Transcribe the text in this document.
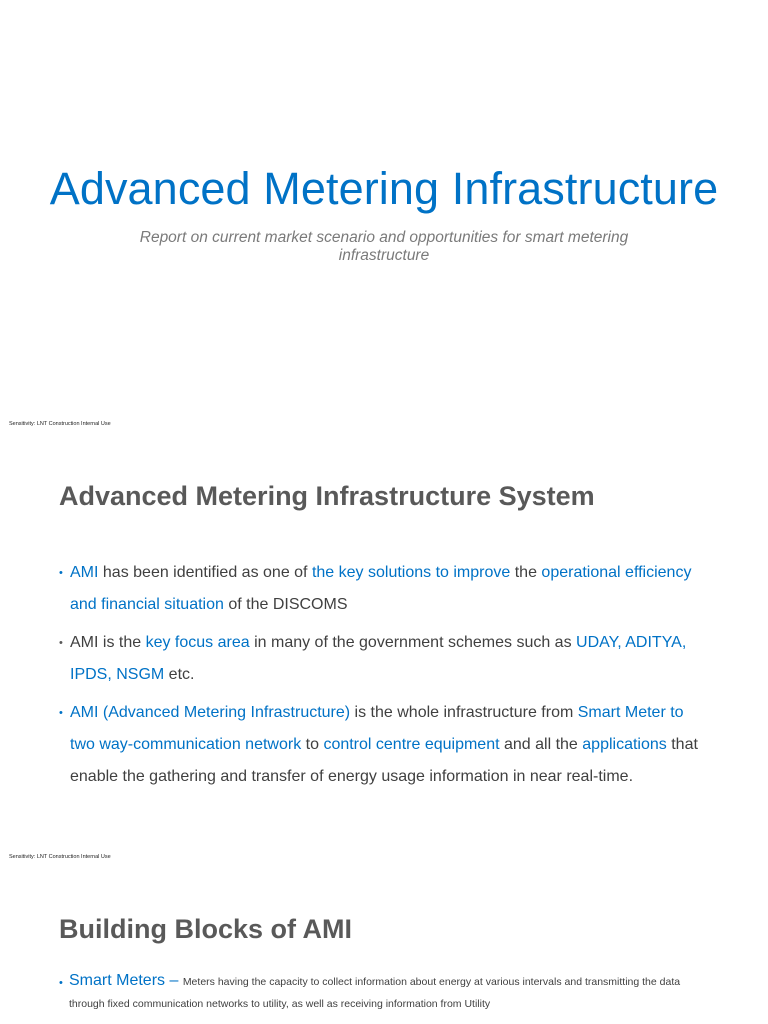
Advanced Metering Infrastructure

Report on current market scenario and opportunities for smart metering infrastructure

Sensitivity: LNT Construction Internal Use
Advanced Metering Infrastructure System
• AMI has been identified as one of the key solutions to improve the operational efficiency and financial situation of the DISCOMS
• AMI is the key focus area in many of the government schemes such as UDAY, ADITYA, IPDS, NSGM etc.
• AMI (Advanced Metering Infrastructure) is the whole infrastructure from Smart Meter to two way-communication network to control centre equipment and all the applications that enable the gathering and transfer of energy usage information in near real-time.
Sensitivity: LNT Construction Internal Use
Building Blocks of AMI
• Smart Meters – Meters having the capacity to collect information about energy at various intervals and transmitting the data through fixed communication networks to utility, as well as receiving information from Utility
